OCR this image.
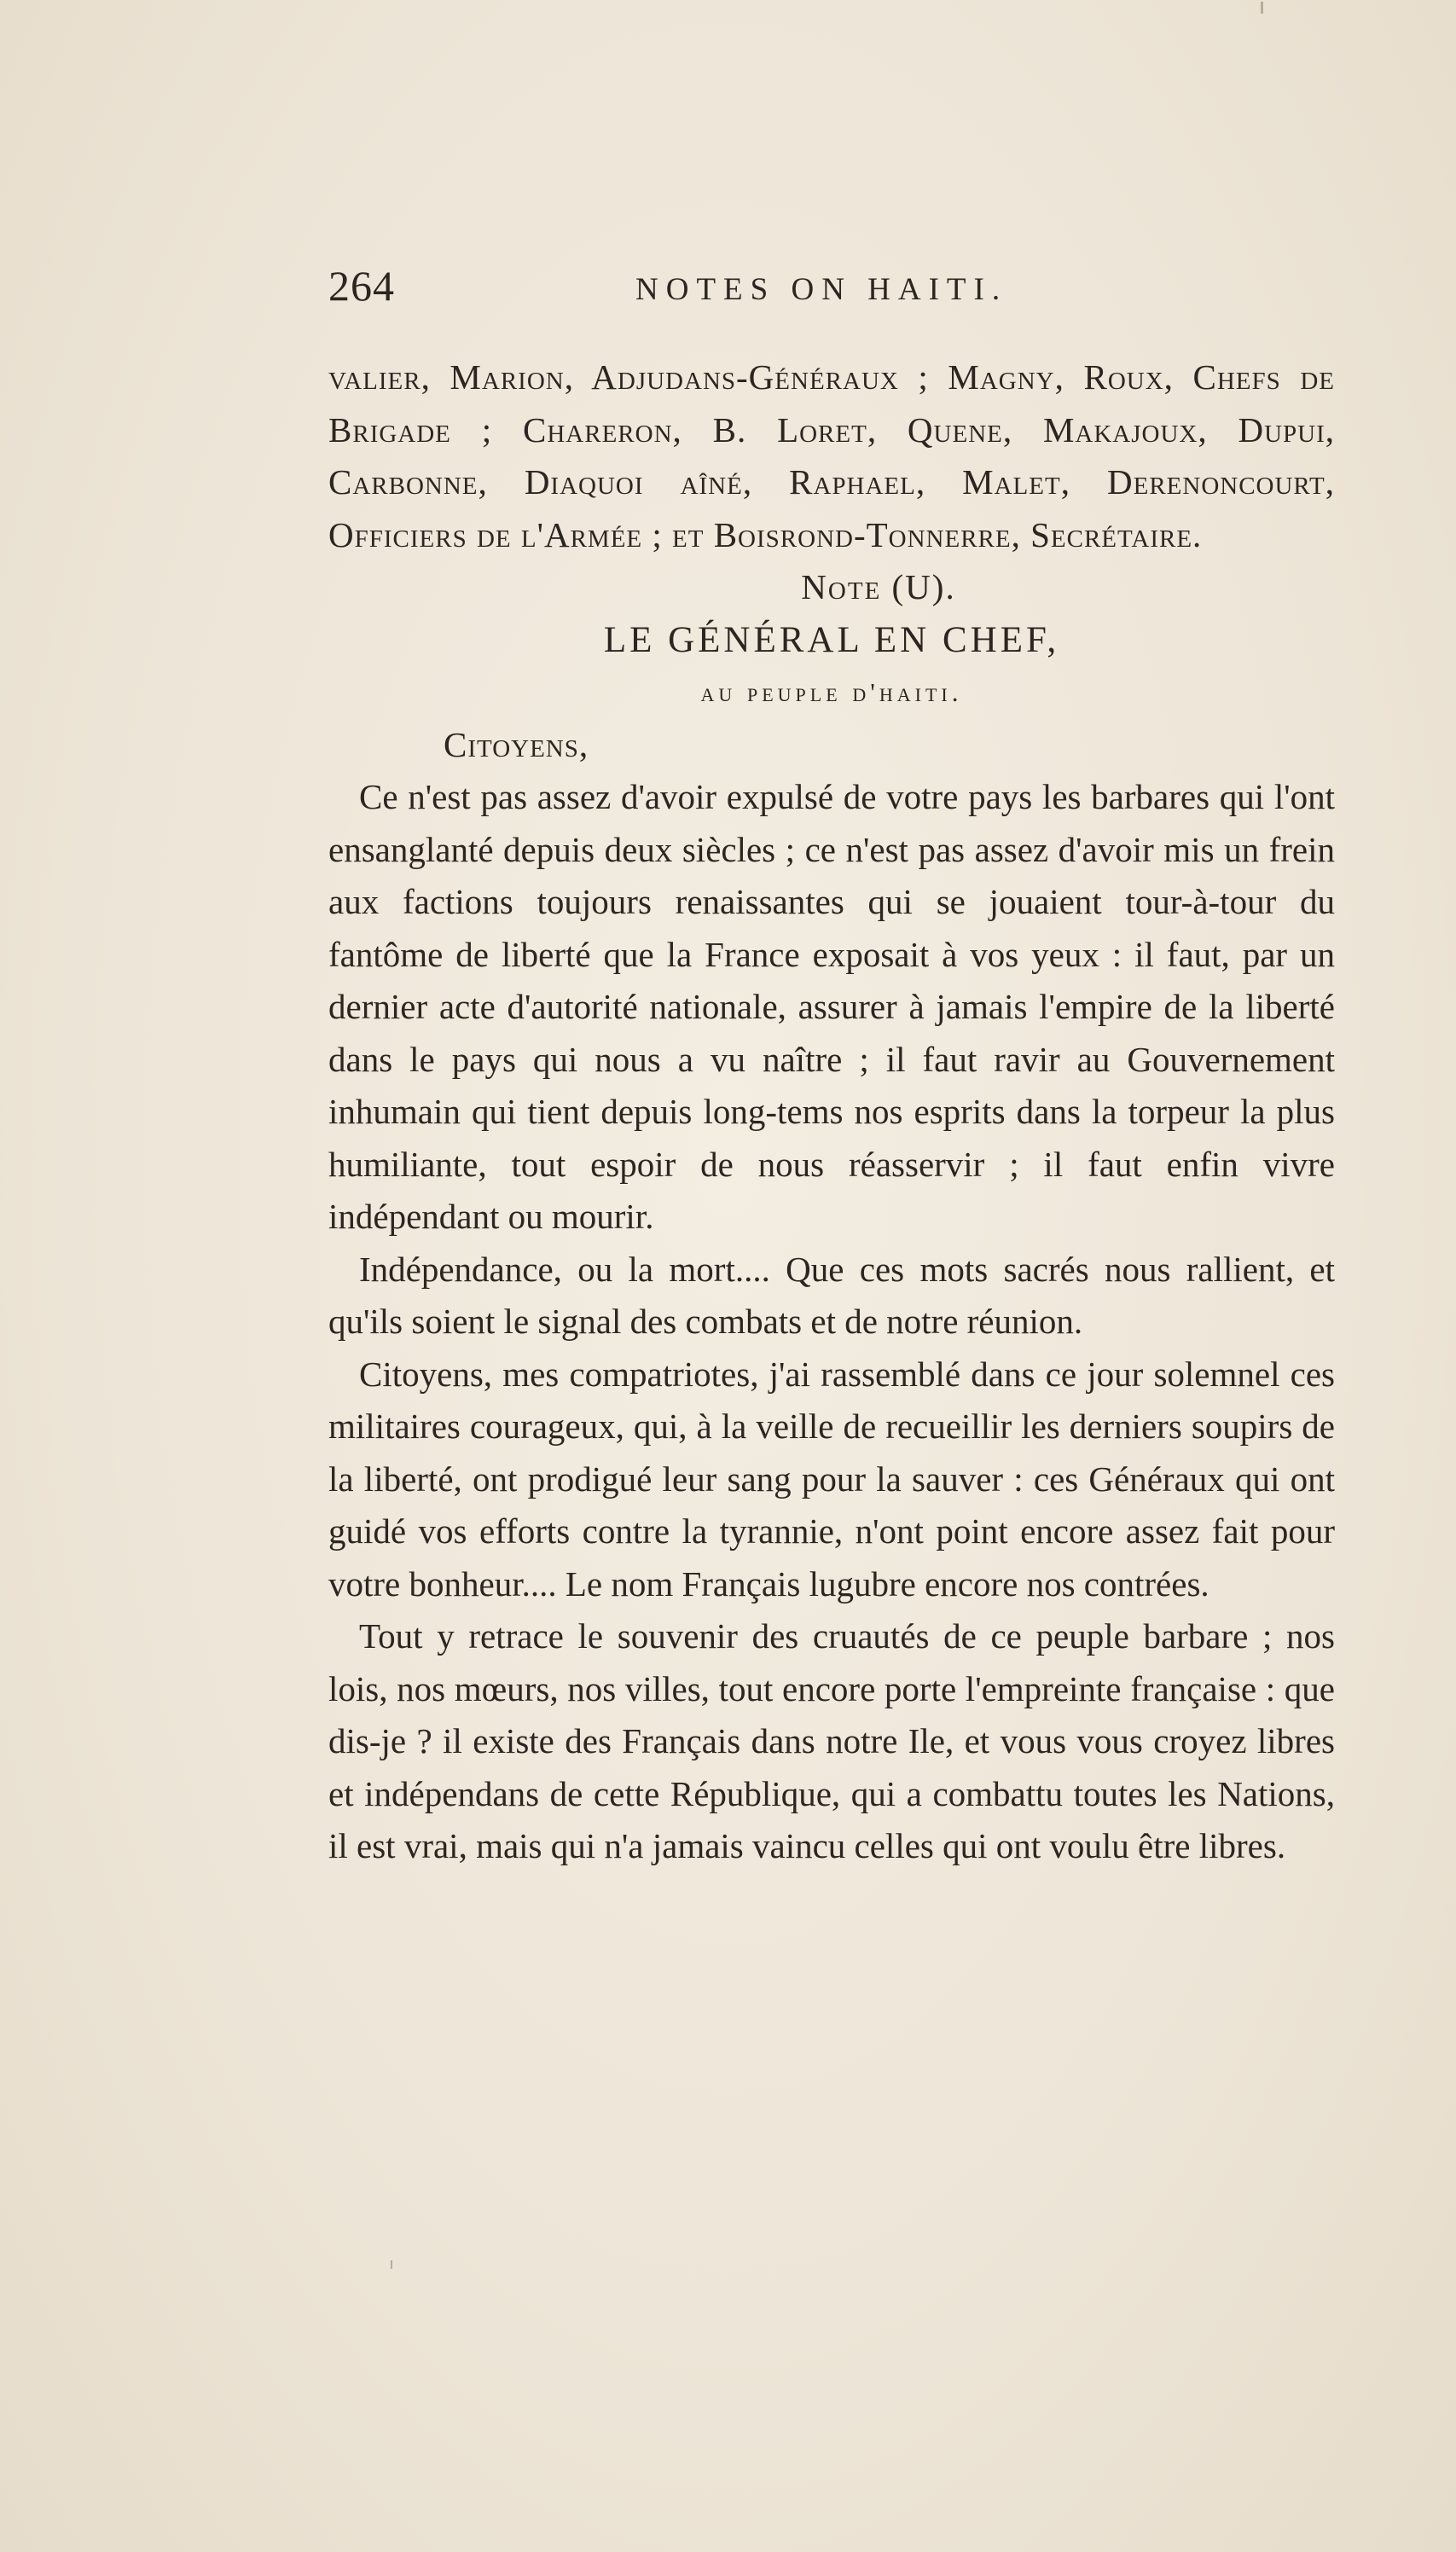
264	NOTES ON HAITI.

valier, Marion, Adjudans-Généraux ; Magny, Roux, Chefs de Brigade ; Chareron, B. Loret, Quene, Makajoux, Dupui, Carbonne, Diaquoi aîné, Raphael, Malet, Derenoncourt, Officiers de l'Armée ; et Boisrond-Tonnerre, Secrétaire.

Note (U).

LE GÉNÉRAL EN CHEF,

au peuple d'haiti.

Citoyens,

Ce n'est pas assez d'avoir expulsé de votre pays les barbares qui l'ont ensanglanté depuis deux siècles ; ce n'est pas assez d'avoir mis un frein aux factions toujours renaissantes qui se jouaient tour-à-tour du fantôme de liberté que la France exposait à vos yeux : il faut, par un dernier acte d'autorité nationale, assurer à jamais l'empire de la liberté dans le pays qui nous a vu naître ; il faut ravir au Gouvernement inhumain qui tient depuis long-tems nos esprits dans la torpeur la plus humiliante, tout espoir de nous réasservir ; il faut enfin vivre indépendant ou mourir.

Indépendance, ou la mort.... Que ces mots sacrés nous rallient, et qu'ils soient le signal des combats et de notre réunion.

Citoyens, mes compatriotes, j'ai rassemblé dans ce jour solemnel ces militaires courageux, qui, à la veille de recueillir les derniers soupirs de la liberté, ont prodigué leur sang pour la sauver : ces Généraux qui ont guidé vos efforts contre la tyrannie, n'ont point encore assez fait pour votre bonheur.... Le nom Français lugubre encore nos contrées.

Tout y retrace le souvenir des cruautés de ce peuple barbare ; nos lois, nos mœurs, nos villes, tout encore porte l'empreinte française : que dis-je ? il existe des Français dans notre Ile, et vous vous croyez libres et indépendans de cette République, qui a combattu toutes les Nations, il est vrai, mais qui n'a jamais vaincu celles qui ont voulu être libres.
